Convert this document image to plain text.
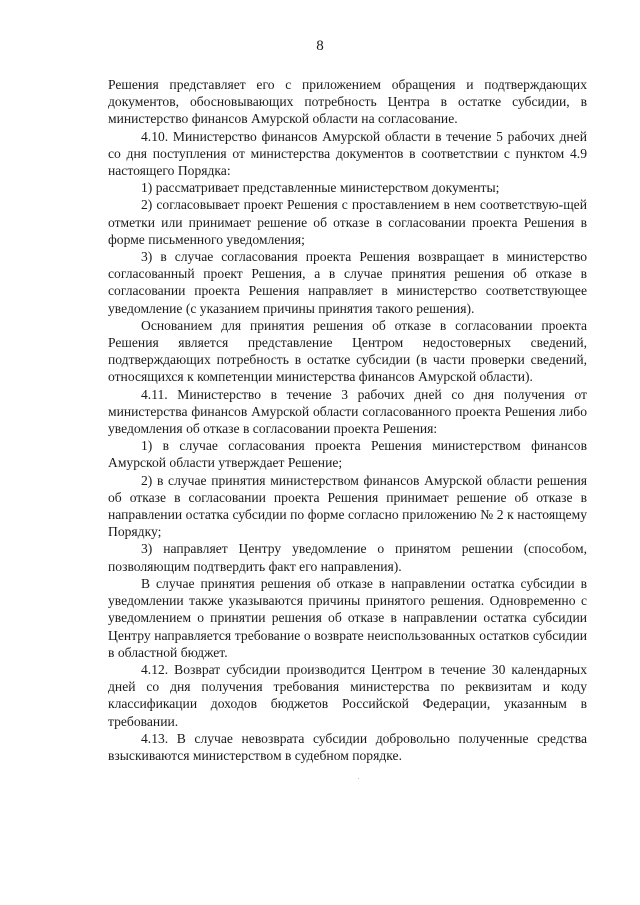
8

Решения представляет его с приложением обращения и подтверждающих документов, обосновывающих потребность Центра в остатке субсидии, в министерство финансов Амурской области на согласование.

4.10. Министерство финансов Амурской области в течение 5 рабочих дней со дня поступления от министерства документов в соответствии с пунктом 4.9 настоящего Порядка:

1) рассматривает представленные министерством документы;

2) согласовывает проект Решения с проставлением в нем соответствую-щей отметки или принимает решение об отказе в согласовании проекта Решения в форме письменного уведомления;

3) в случае согласования проекта Решения возвращает в министерство согласованный проект Решения, а в случае принятия решения об отказе в согласовании проекта Решения направляет в министерство соответствующее уведомление (с указанием причины принятия такого решения).

Основанием для принятия решения об отказе в согласовании проекта Решения является представление Центром недостоверных сведений, подтверждающих потребность в остатке субсидии (в части проверки сведений, относящихся к компетенции министерства финансов Амурской области).

4.11. Министерство в течение 3 рабочих дней со дня получения от министерства финансов Амурской области согласованного проекта Решения либо уведомления об отказе в согласовании проекта Решения:

1) в случае согласования проекта Решения министерством финансов Амурской области утверждает Решение;

2) в случае принятия министерством финансов Амурской области решения об отказе в согласовании проекта Решения принимает решение об отказе в направлении остатка субсидии по форме согласно приложению № 2 к настоящему Порядку;

3) направляет Центру уведомление о принятом решении (способом, позволяющим подтвердить факт его направления).

В случае принятия решения об отказе в направлении остатка субсидии в уведомлении также указываются причины принятого решения. Одновременно с уведомлением о принятии решения об отказе в направлении остатка субсидии Центру направляется требование о возврате неиспользованных остатков субсидии в областной бюджет.

4.12. Возврат субсидии производится Центром в течение 30 календарных дней со дня получения требования министерства по реквизитам и коду классификации доходов бюджетов Российской Федерации, указанным в требовании.

4.13. В случае невозврата субсидии добровольно полученные средства взыскиваются министерством в судебном порядке.
